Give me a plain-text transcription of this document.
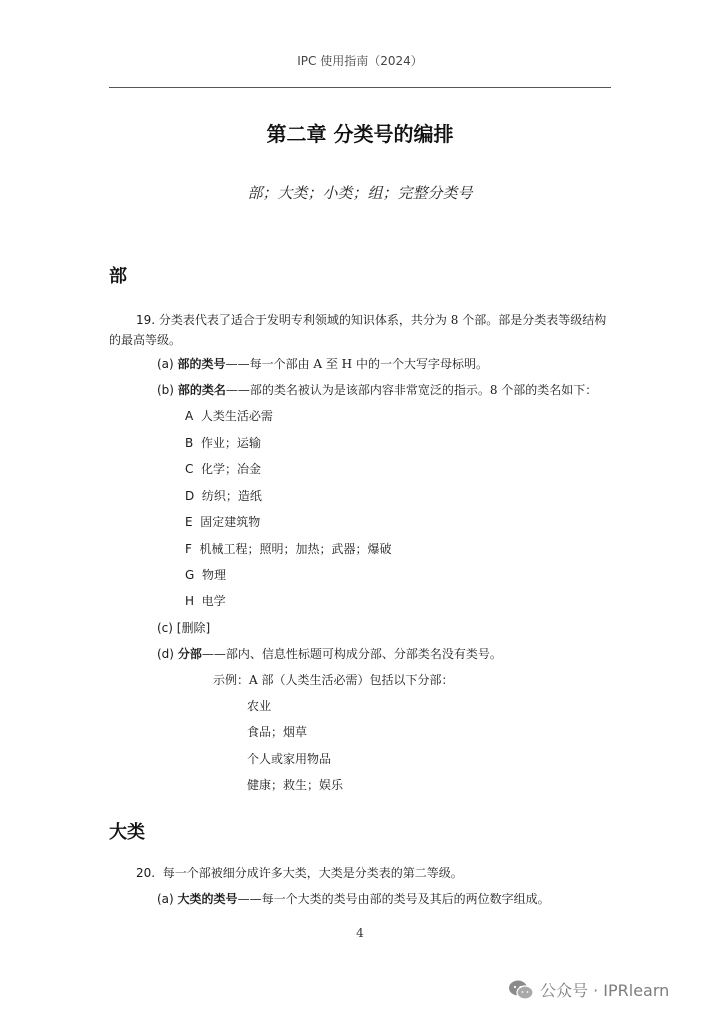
IPC 使用指南（2024）
第二章 分类号的编排
部；大类；小类；组；完整分类号
部
19. 分类表代表了适合于发明专利领域的知识体系，共分为 8 个部。部是分类表等级结构的最高等级。
(a) 部的类号——每一个部由 A 至 H 中的一个大写字母标明。
(b) 部的类名——部的类名被认为是该部内容非常宽泛的指示。8 个部的类名如下：
A 人类生活必需
B 作业；运输
C 化学；冶金
D 纺织；造纸
E 固定建筑物
F 机械工程；照明；加热；武器；爆破
G 物理
H 电学
(c) [删除]
(d) 分部——部内、信息性标题可构成分部、分部类名没有类号。
示例：A 部（人类生活必需）包括以下分部：
农业
食品；烟草
个人或家用物品
健康；救生；娱乐
大类
20. 每一个部被细分成许多大类，大类是分类表的第二等级。
(a) 大类的类号——每一个大类的类号由部的类号及其后的两位数字组成。
4
公众号 · IPRlearn
